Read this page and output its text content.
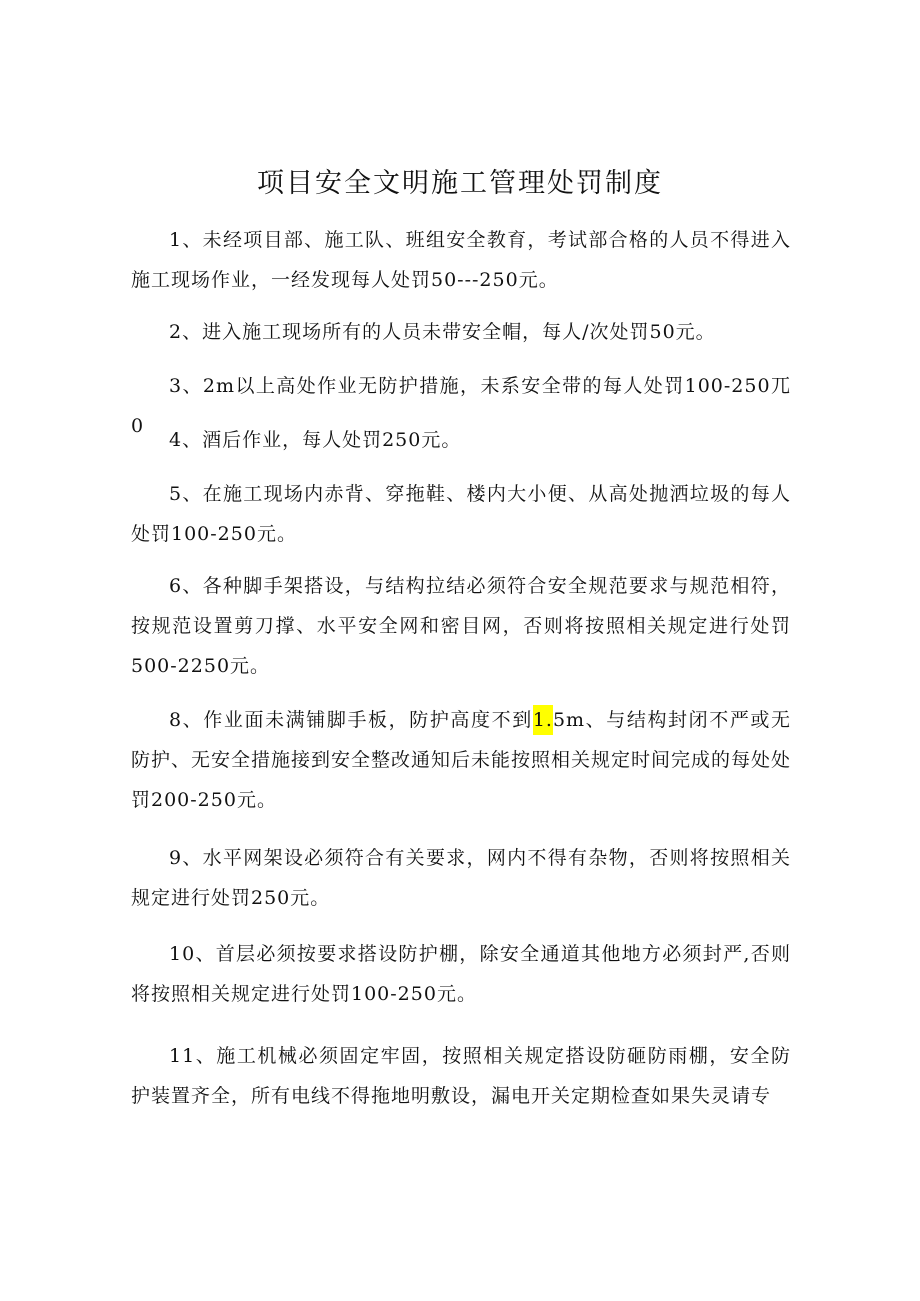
项目安全文明施工管理处罚制度

1、未经项目部、施工队、班组安全教育，考试部合格的人员不得进入施工现场作业，一经发现每人处罚50---250元。

2、进入施工现场所有的人员未带安全帽，每人/次处罚50元。

3、2m以上高处作业无防护措施，未系安全带的每人处罚100-250兀0

4、酒后作业，每人处罚250元。

5、在施工现场内赤背、穿拖鞋、楼内大小便、从高处抛洒垃圾的每人处罚100-250元。

6、各种脚手架搭设，与结构拉结必须符合安全规范要求与规范相符，按规范设置剪刀撑、水平安全网和密目网，否则将按照相关规定进行处罚500-2250元。

8、作业面未满铺脚手板，防护高度不到1.5m、与结构封闭不严或无防护、无安全措施接到安全整改通知后未能按照相关规定时间完成的每处处罚200-250元。

9、水平网架设必须符合有关要求，网内不得有杂物，否则将按照相关规定进行处罚250元。

10、首层必须按要求搭设防护棚，除安全通道其他地方必须封严,否则将按照相关规定进行处罚100-250元。

11、施工机械必须固定牢固，按照相关规定搭设防砸防雨棚，安全防护装置齐全，所有电线不得拖地明敷设，漏电开关定期检查如果失灵请专
